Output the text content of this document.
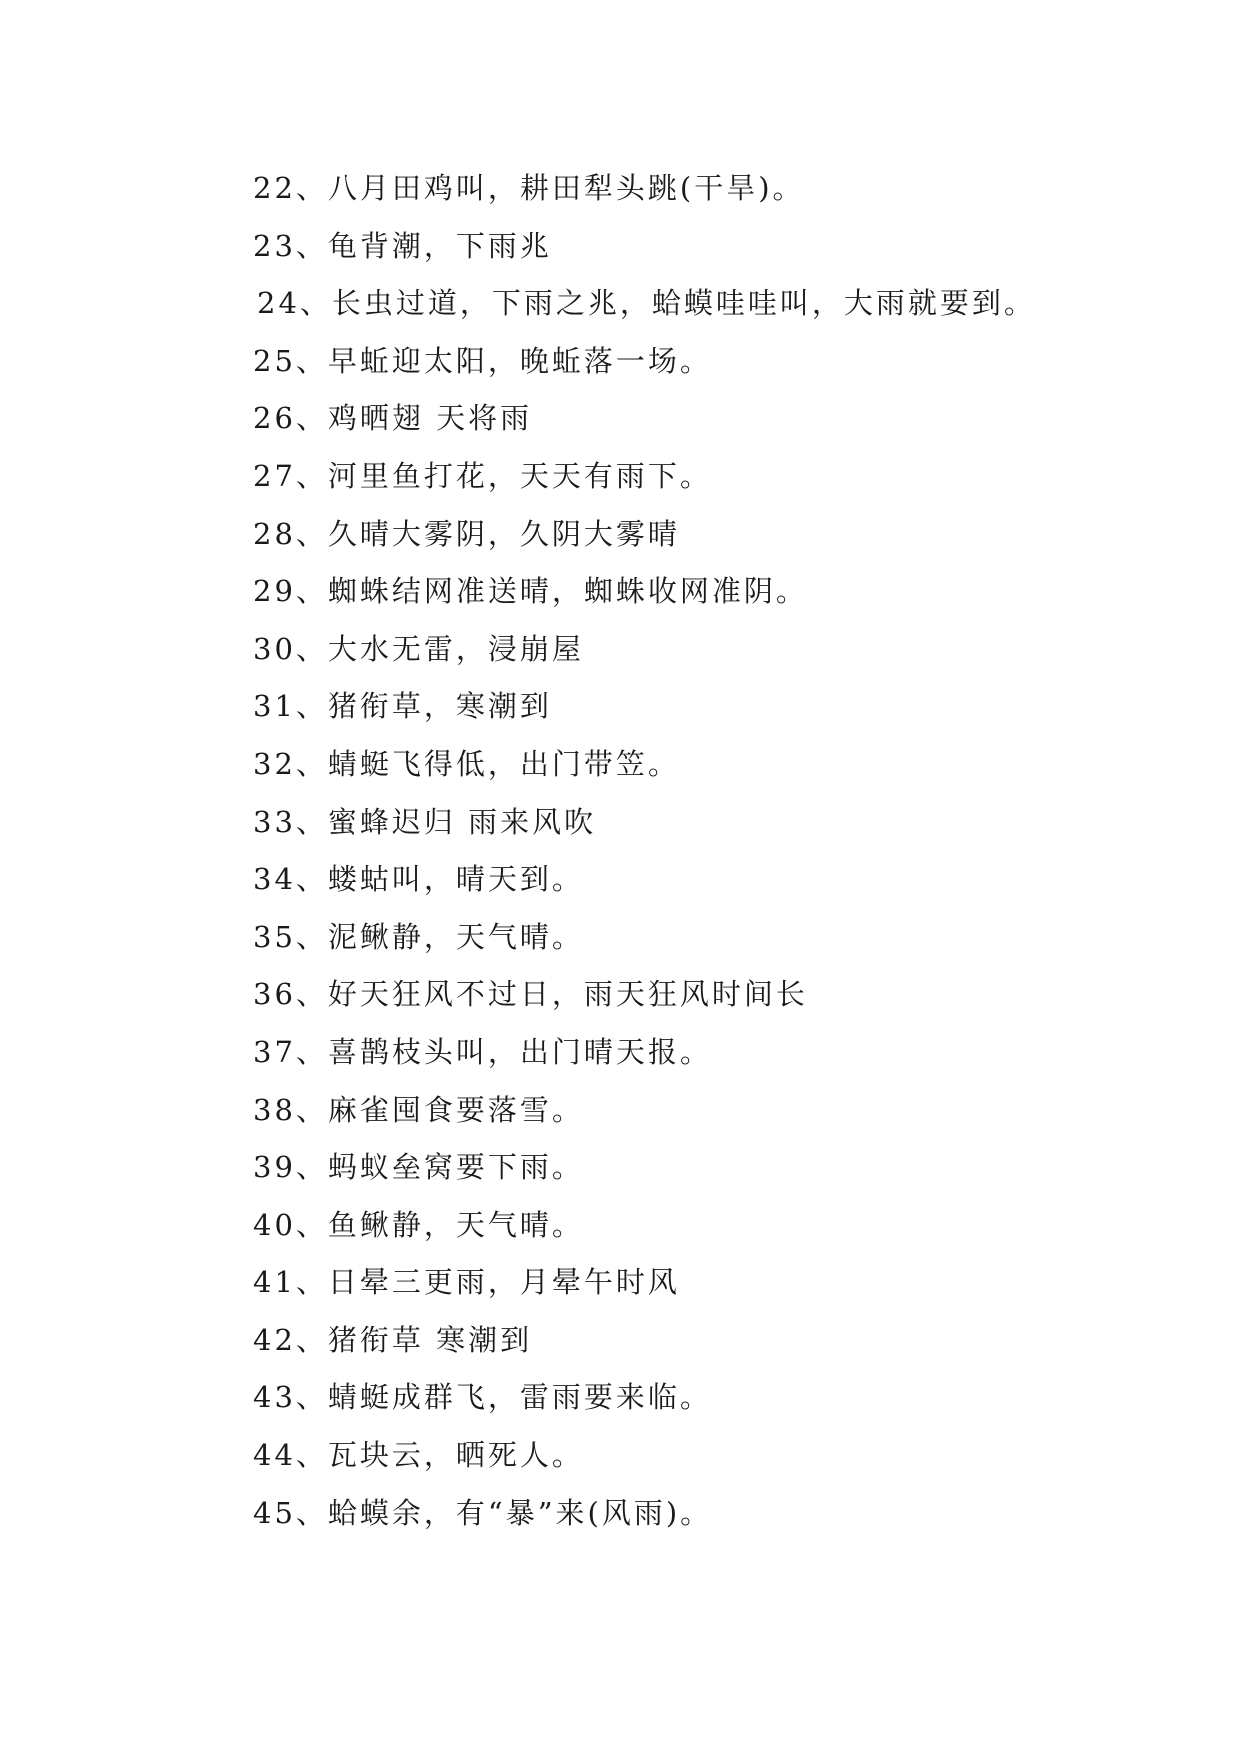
22、八月田鸡叫，耕田犁头跳(干旱)。
23、龟背潮，下雨兆
24、长虫过道，下雨之兆，蛤蟆哇哇叫，大雨就要到。
25、早蚯迎太阳，晚蚯落一场。
26、鸡晒翅 天将雨
27、河里鱼打花，天天有雨下。
28、久晴大雾阴，久阴大雾晴
29、蜘蛛结网准送晴，蜘蛛收网准阴。
30、大水无雷，浸崩屋
31、猪衔草，寒潮到
32、蜻蜓飞得低，出门带笠。
33、蜜蜂迟归 雨来风吹
34、蝼蛄叫，晴天到。
35、泥鳅静，天气晴。
36、好天狂风不过日，雨天狂风时间长
37、喜鹊枝头叫，出门晴天报。
38、麻雀囤食要落雪。
39、蚂蚁垒窝要下雨。
40、鱼鳅静，天气晴。
41、日晕三更雨，月晕午时风
42、猪衔草 寒潮到
43、蜻蜓成群飞，雷雨要来临。
44、瓦块云，晒死人。
45、蛤蟆余，有“暴”来(风雨)。
